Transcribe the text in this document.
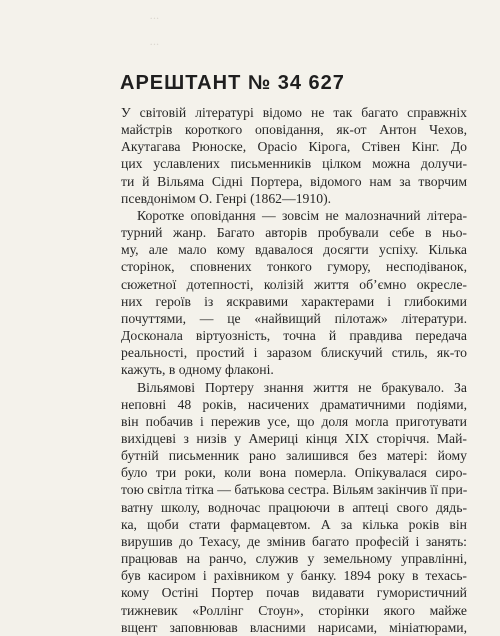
...
...
АРЕШТАНТ № 34 627
У світовій літературі відомо не так багато справжніх
майстрів короткого оповідання, як-от Антон Чехов,
Акутагава Рюноске, Орасіо Кірога, Стівен Кінг. До
цих уславлених письменників цілком можна долучи-
ти й Вільяма Сідні Портера, відомого нам за творчим
псевдонімом О. Генрі (1862—1910).
Коротке оповідання — зовсім не малозначний літера-
турний жанр. Багато авторів пробували себе в ньо-
му, але мало кому вдавалося досягти успіху. Кілька
сторінок, сповнених тонкого гумору, несподіванок,
сюжетної дотепності, колізій життя об’ємно окресле-
них героїв із яскравими характерами і глибокими
почуттями, — це «найвищий пілотаж» літератури.
Досконала віртуозність, точна й правдива передача
реальності, простий і заразом блискучий стиль, як-то
кажуть, в одному флаконі.
Вільямові Портеру знання життя не бракувало. За
неповні 48 років, насичених драматичними подіями,
він побачив і пережив усе, що доля могла приготувати
вихідцеві з низів у Америці кінця XIX сторіччя. Май-
бутній письменник рано залишився без матері: йому
було три роки, коли вона померла. Опікувалася сиро-
тою світла тітка — батькова сестра. Вільям закінчив її при-
ватну школу, водночас працюючи в аптеці свого дядь-
ка, щоби стати фармацевтом. А за кілька років він
вирушив до Техасу, де змінив багато професій і занять:
працював на ранчо, служив у земельному управлінні,
був касиром і рахівником у банку. 1894 року в техась-
кому Остіні Портер почав видавати гумористичний
тижневик «Роллінг Стоун», сторінки якого майже
вщент заповнював власними нарисами, мініатюрами,
